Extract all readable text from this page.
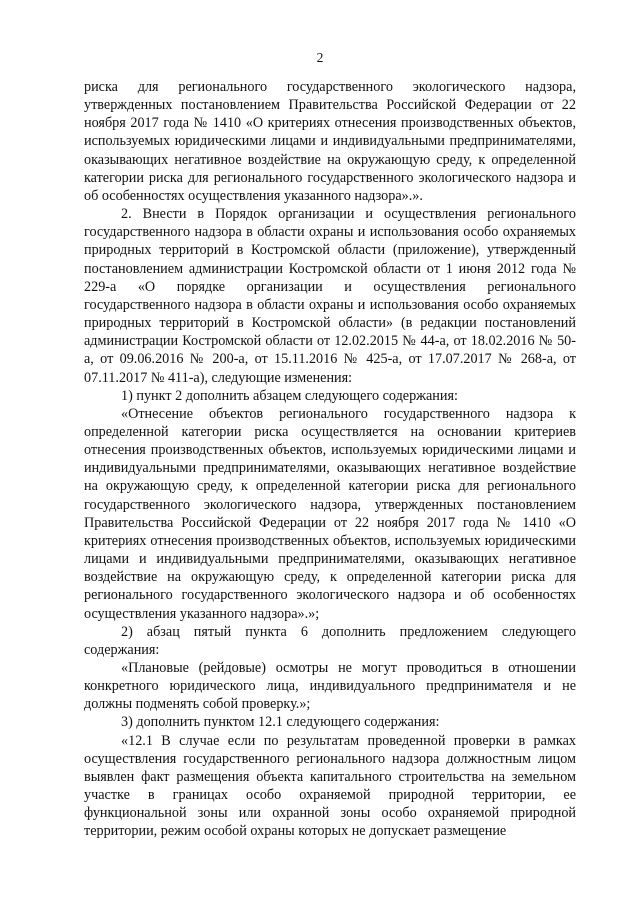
2

риска для регионального государственного экологического надзора, утвержденных постановлением Правительства Российской Федерации от 22 ноября 2017 года № 1410 «О критериях отнесения производственных объектов, используемых юридическими лицами и индивидуальными предпринимателями, оказывающих негативное воздействие на окружающую среду, к определенной категории риска для регионального государственного экологического надзора и об особенностях осуществления указанного надзора».».

2. Внести в Порядок организации и осуществления регионального государственного надзора в области охраны и использования особо охраняемых природных территорий в Костромской области (приложение), утвержденный постановлением администрации Костромской области от 1 июня 2012 года № 229-а «О порядке организации и осуществления регионального государственного надзора в области охраны и использования особо охраняемых природных территорий в Костромской области» (в редакции постановлений администрации Костромской области от 12.02.2015 № 44-а, от 18.02.2016 № 50-а, от 09.06.2016 № 200-а, от 15.11.2016 № 425-а, от 17.07.2017 № 268-а, от 07.11.2017 № 411-а), следующие изменения:

1) пункт 2 дополнить абзацем следующего содержания:

«Отнесение объектов регионального государственного надзора к определенной категории риска осуществляется на основании критериев отнесения производственных объектов, используемых юридическими лицами и индивидуальными предпринимателями, оказывающих негативное воздействие на окружающую среду, к определенной категории риска для регионального государственного экологического надзора, утвержденных постановлением Правительства Российской Федерации от 22 ноября 2017 года № 1410 «О критериях отнесения производственных объектов, используемых юридическими лицами и индивидуальными предпринимателями, оказывающих негативное воздействие на окружающую среду, к определенной категории риска для регионального государственного экологического надзора и об особенностях осуществления указанного надзора».»;

2) абзац пятый пункта 6 дополнить предложением следующего содержания:

«Плановые (рейдовые) осмотры не могут проводиться в отношении конкретного юридического лица, индивидуального предпринимателя и не должны подменять собой проверку.»;

3) дополнить пунктом 12.1 следующего содержания:

«12.1 В случае если по результатам проведенной проверки в рамках осуществления государственного регионального надзора должностным лицом выявлен факт размещения объекта капитального строительства на земельном участке в границах особо охраняемой природной территории, ее функциональной зоны или охранной зоны особо охраняемой природной территории, режим особой охраны которых не допускает размещение
